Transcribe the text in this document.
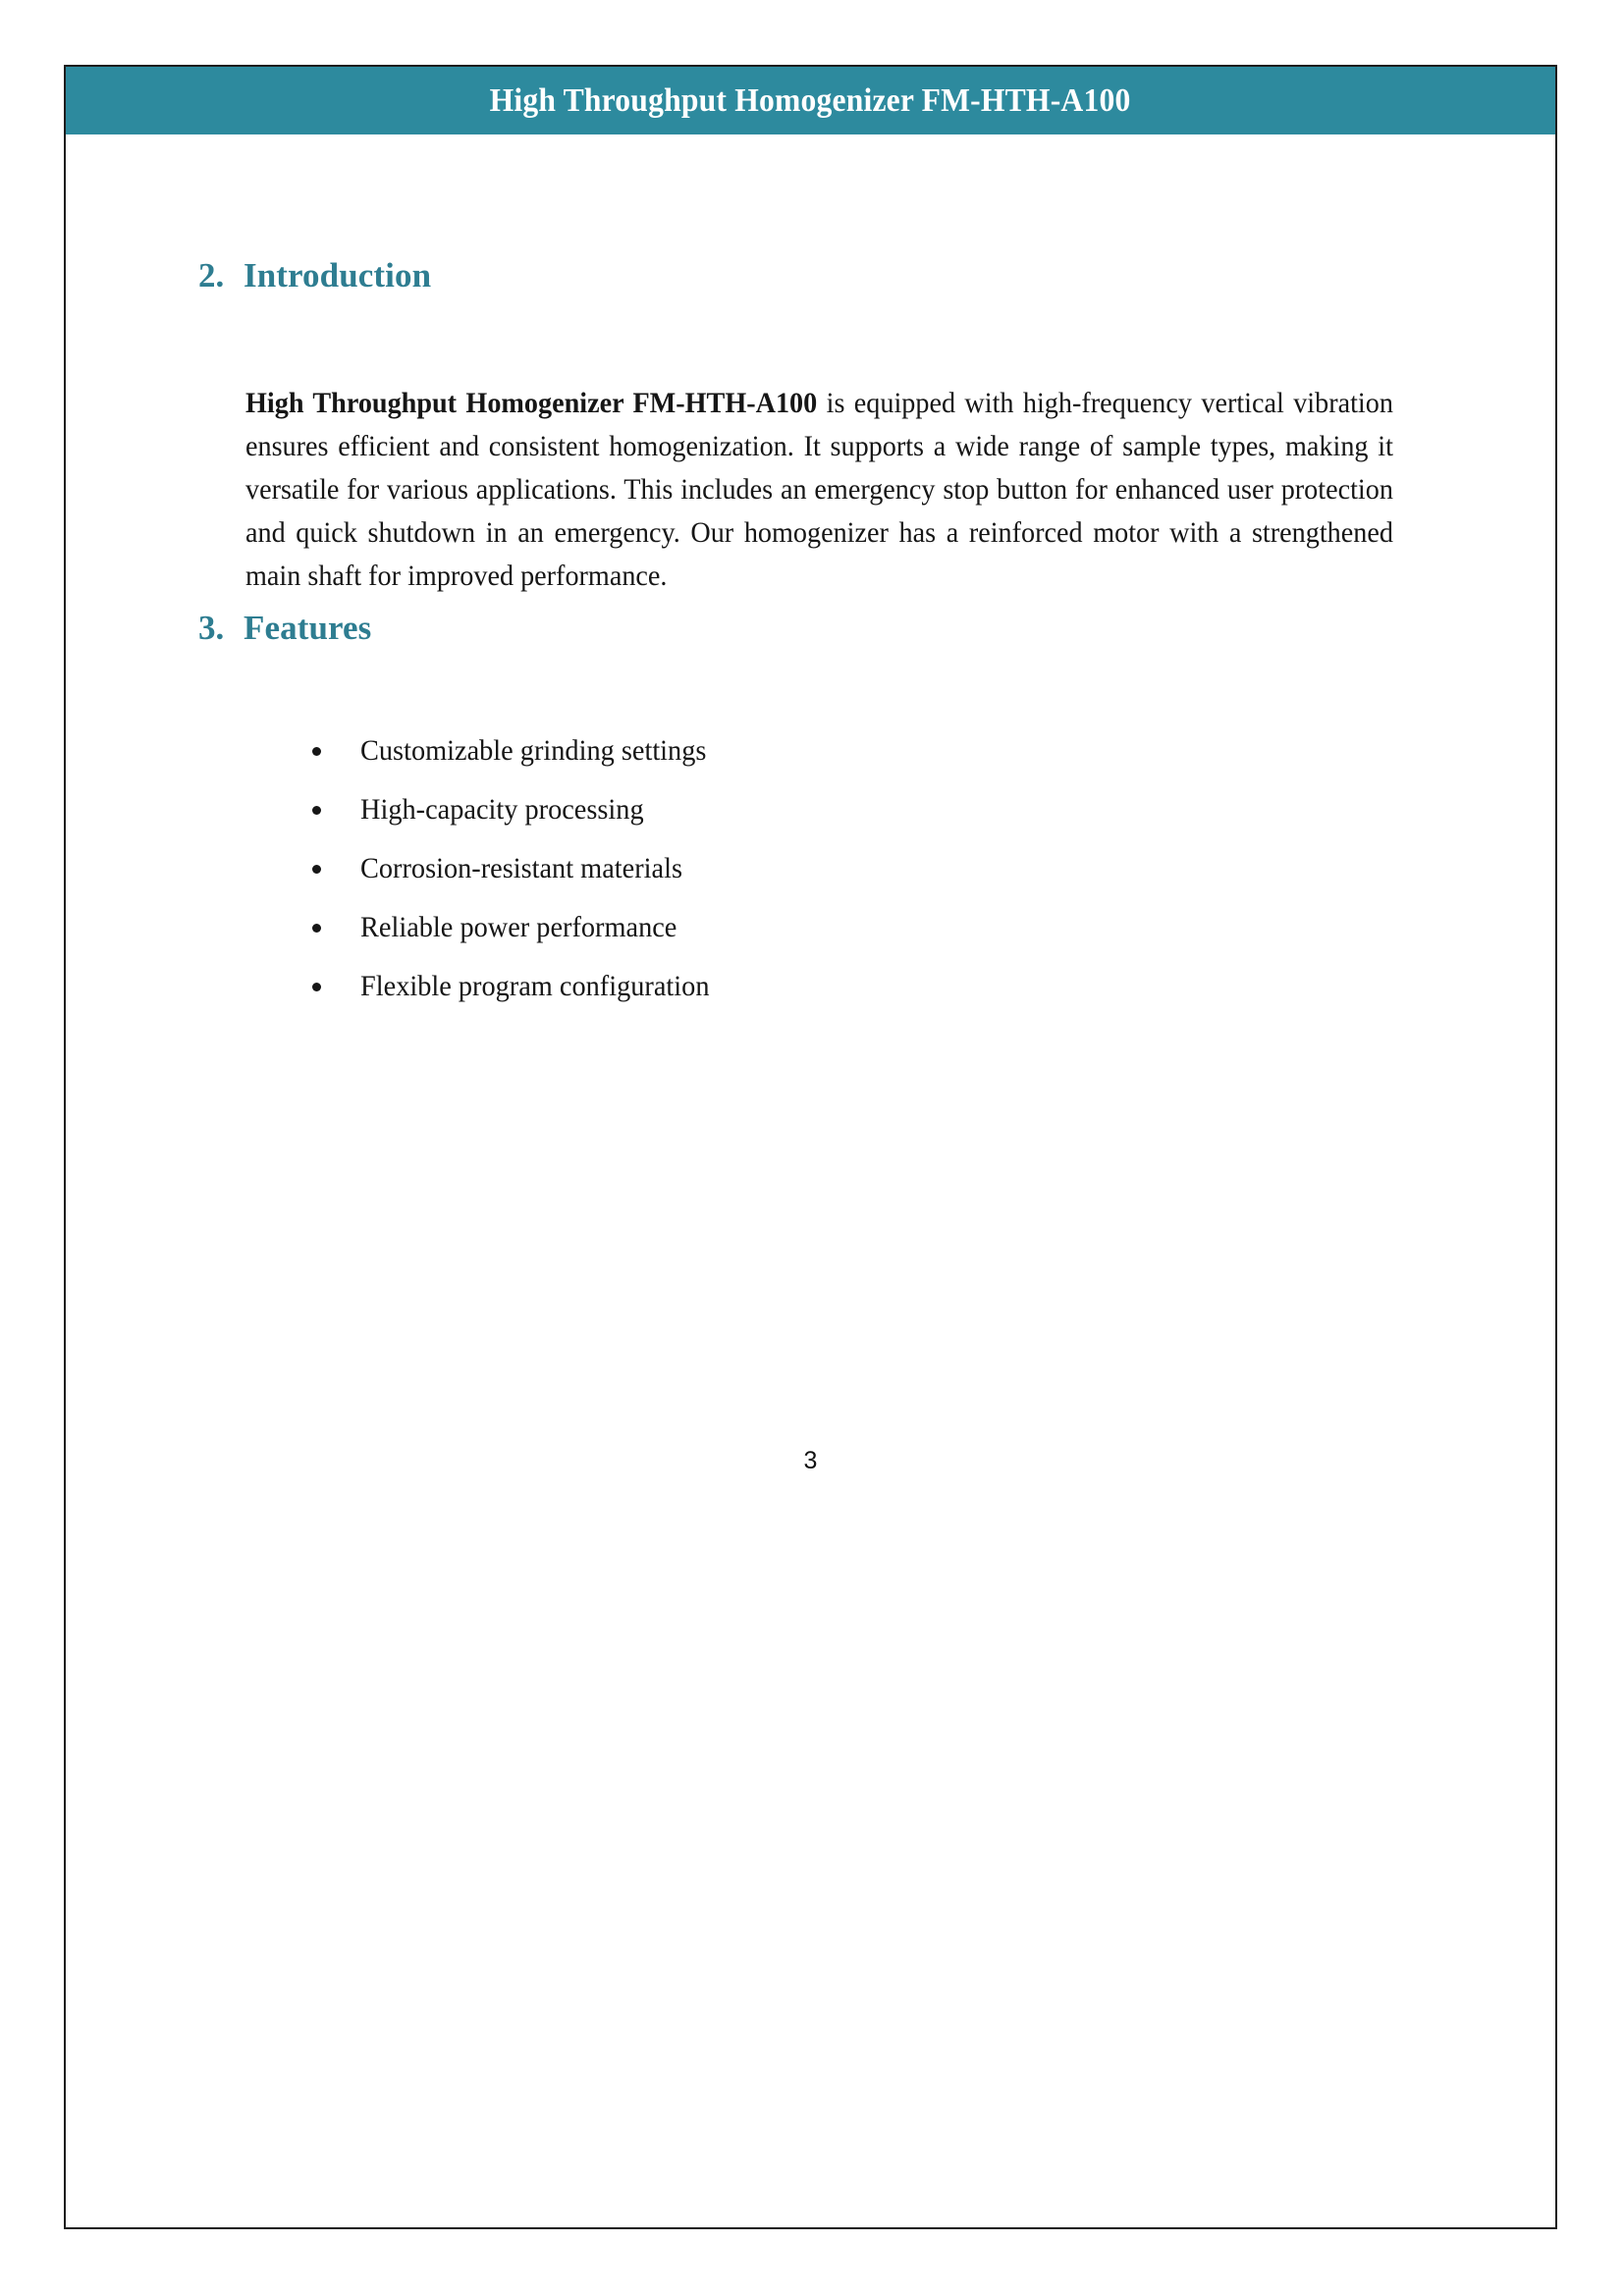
High Throughput Homogenizer FM-HTH-A100
2. Introduction

High Throughput Homogenizer FM-HTH-A100 is equipped with high-frequency vertical vibration ensures efficient and consistent homogenization. It supports a wide range of sample types, making it versatile for various applications. This includes an emergency stop button for enhanced user protection and quick shutdown in an emergency. Our homogenizer has a reinforced motor with a strengthened main shaft for improved performance.

3. Features
Customizable grinding settings
High-capacity processing
Corrosion-resistant materials
Reliable power performance
Flexible program configuration
3
